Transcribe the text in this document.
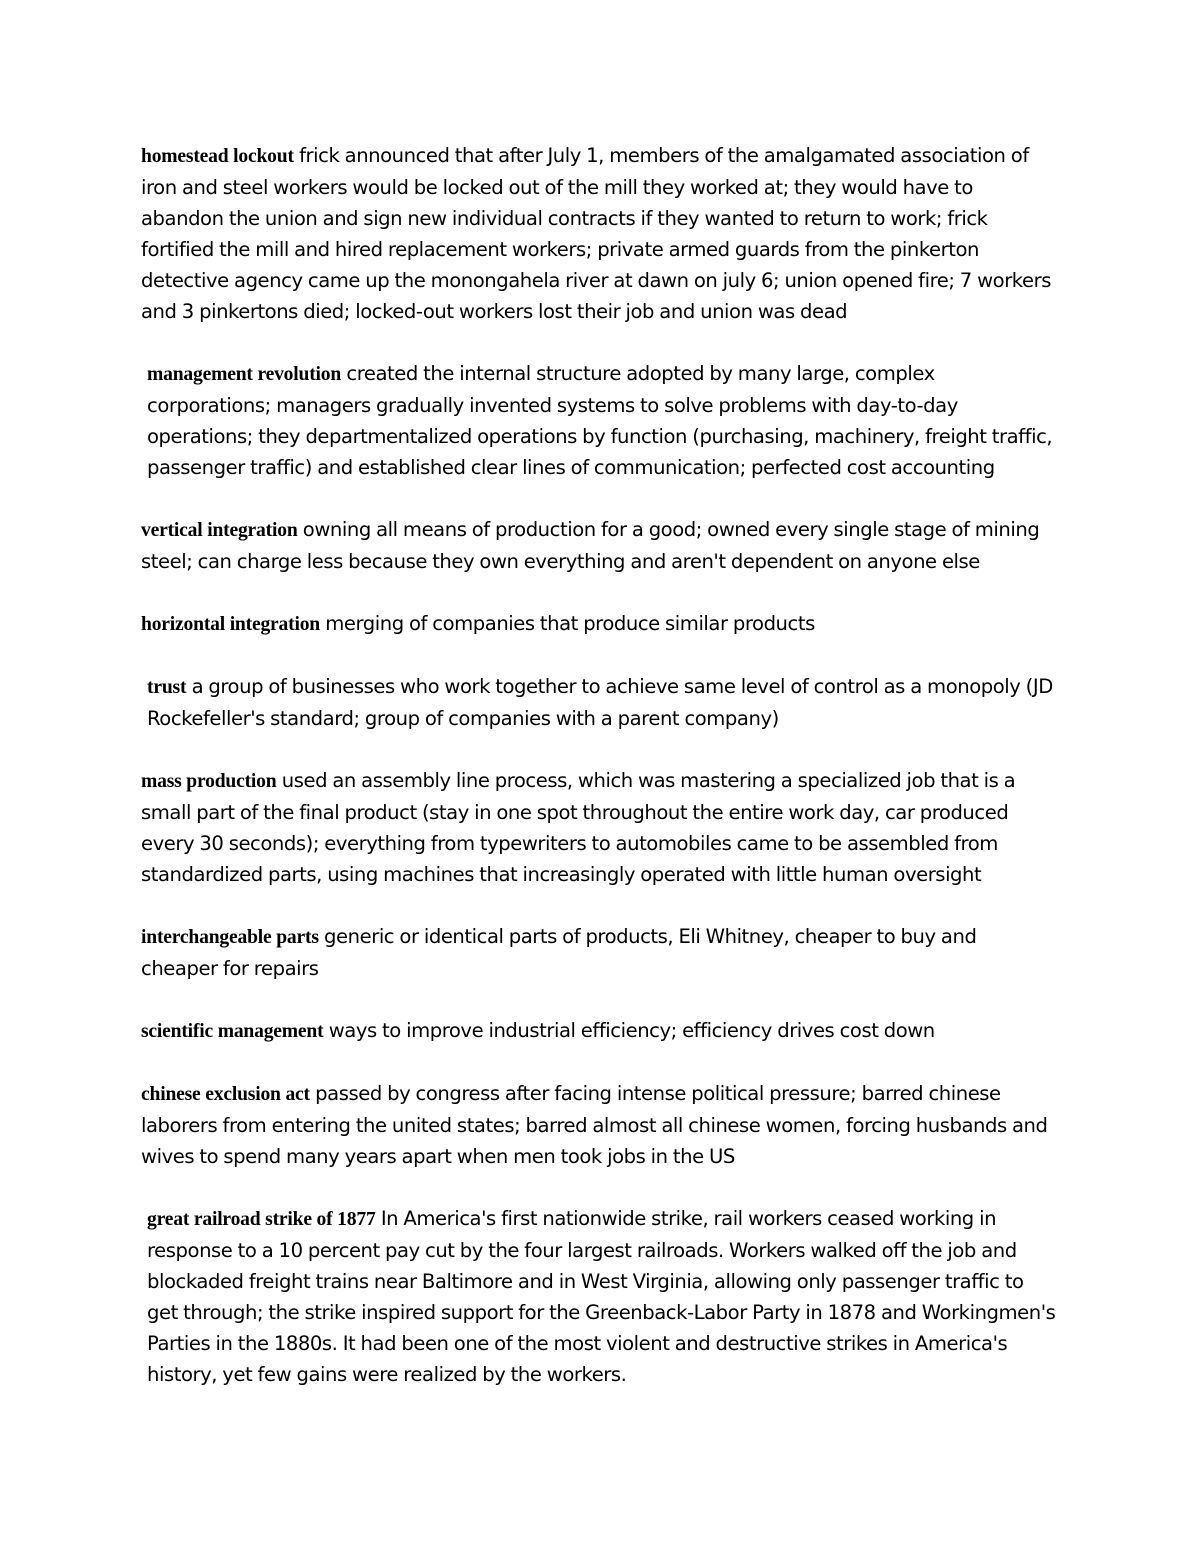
homestead lockout frick announced that after July 1, members of the amalgamated association of iron and steel workers would be locked out of the mill they worked at; they would have to abandon the union and sign new individual contracts if they wanted to return to work; frick fortified the mill and hired replacement workers; private armed guards from the pinkerton detective agency came up the monongahela river at dawn on july 6; union opened fire; 7 workers and 3 pinkertons died; locked-out workers lost their job and union was dead

management revolution created the internal structure adopted by many large, complex corporations; managers gradually invented systems to solve problems with day-to-day operations; they departmentalized operations by function (purchasing, machinery, freight traffic, passenger traffic) and established clear lines of communication; perfected cost accounting

vertical integration owning all means of production for a good; owned every single stage of mining steel; can charge less because they own everything and aren't dependent on anyone else

horizontal integration merging of companies that produce similar products

trust a group of businesses who work together to achieve same level of control as a monopoly (JD Rockefeller's standard; group of companies with a parent company)

mass production used an assembly line process, which was mastering a specialized job that is a small part of the final product (stay in one spot throughout the entire work day, car produced every 30 seconds); everything from typewriters to automobiles came to be assembled from standardized parts, using machines that increasingly operated with little human oversight

interchangeable parts generic or identical parts of products, Eli Whitney, cheaper to buy and cheaper for repairs

scientific management ways to improve industrial efficiency; efficiency drives cost down

chinese exclusion act passed by congress after facing intense political pressure; barred chinese laborers from entering the united states; barred almost all chinese women, forcing husbands and wives to spend many years apart when men took jobs in the US

great railroad strike of 1877 In America's first nationwide strike, rail workers ceased working in response to a 10 percent pay cut by the four largest railroads. Workers walked off the job and blockaded freight trains near Baltimore and in West Virginia, allowing only passenger traffic to get through; the strike inspired support for the Greenback-Labor Party in 1878 and Workingmen's Parties in the 1880s. It had been one of the most violent and destructive strikes in America's history, yet few gains were realized by the workers.
